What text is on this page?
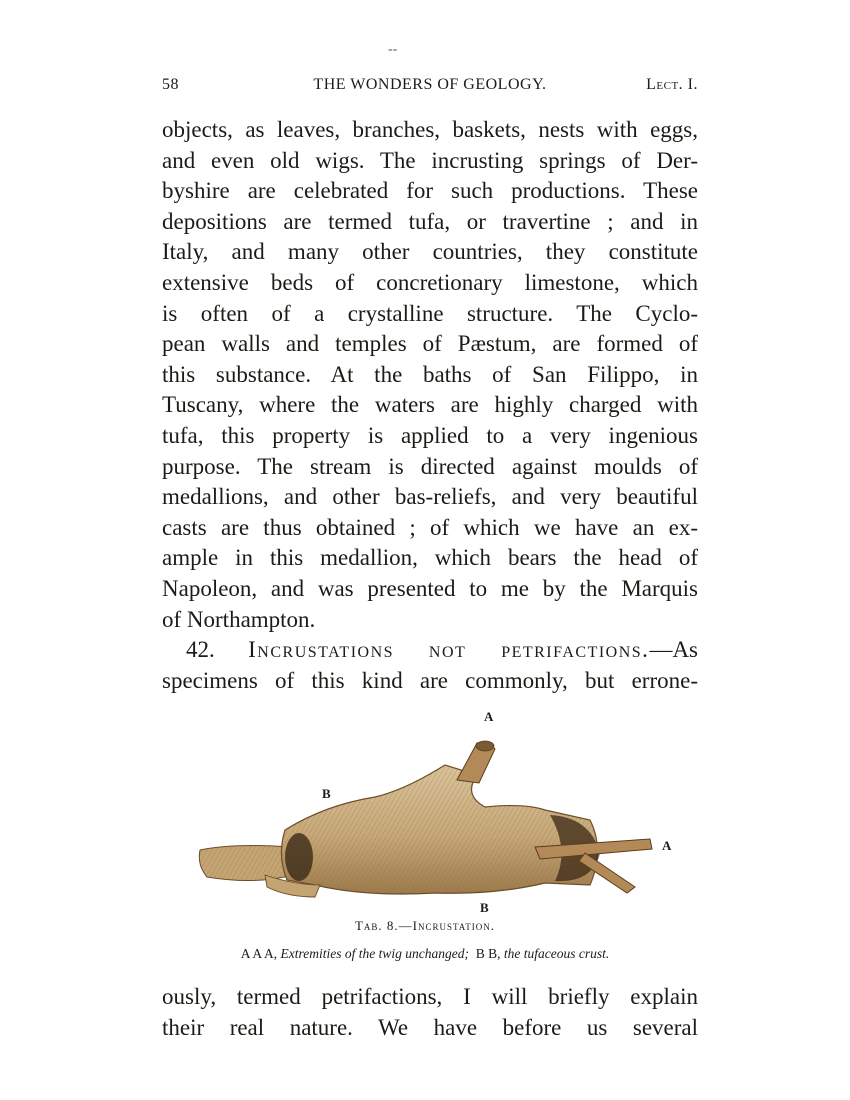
‐‐
58	THE WONDERS OF GEOLOGY.	Lect. I.
objects, as leaves, branches, baskets, nests with eggs,
and even old wigs. The incrusting springs of Der-
byshire are celebrated for such productions. These
depositions are termed tufa, or travertine ; and in
Italy, and many other countries, they constitute
extensive beds of concretionary limestone, which
is often of a crystalline structure. The Cyclo-
pean walls and temples of Pæstum, are formed of
this substance. At the baths of San Filippo, in
Tuscany, where the waters are highly charged with
tufa, this property is applied to a very ingenious
purpose. The stream is directed against moulds of
medallions, and other bas-reliefs, and very beautiful
casts are thus obtained ; of which we have an ex-
ample in this medallion, which bears the head of
Napoleon, and was presented to me by the Marquis
of Northampton.
42. Incrustations not petrifactions.—As
specimens of this kind are commonly, but errone-
A
B
A
B
Tab. 8.—Incrustation.
A A A, Extremities of the twig unchanged; B B, the tufaceous crust.
ously, termed petrifactions, I will briefly explain
their real nature. We have before us several
